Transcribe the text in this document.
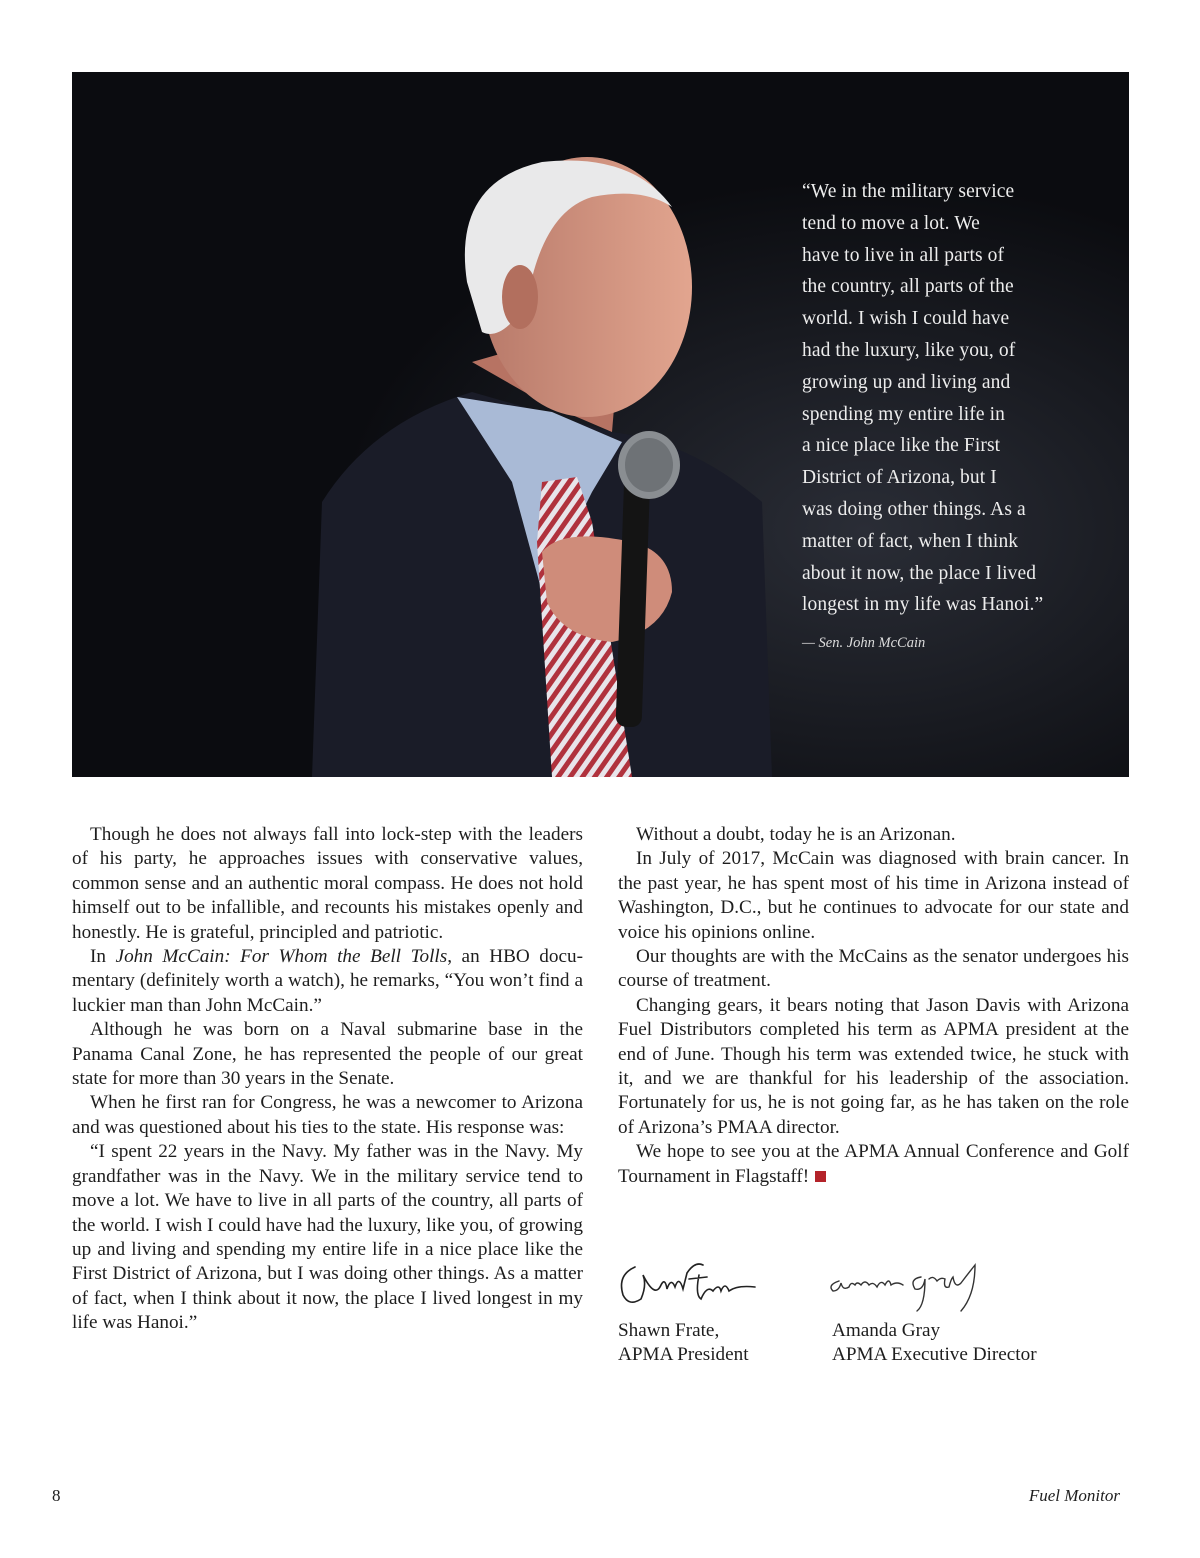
“We in the military service
tend to move a lot. We
have to live in all parts of
the country, all parts of the
world. I wish I could have
had the luxury, like you, of
growing up and living and
spending my entire life in
a nice place like the First
District of Arizona, but I
was doing other things. As a
matter of fact, when I think
about it now, the place I lived
longest in my life was Hanoi.”
— Sen. John McCain

Though he does not always fall into lock-step with the leaders of his party, he approaches issues with conservative values, common sense and an authentic moral compass. He does not hold himself out to be infallible, and recounts his mistakes openly and honestly. He is grateful, principled and patriotic.

In John McCain: For Whom the Bell Tolls, an HBO documentary (definitely worth a watch), he remarks, “You won’t find a luckier man than John McCain.”

Although he was born on a Naval submarine base in the Panama Canal Zone, he has represented the people of our great state for more than 30 years in the Senate.

When he first ran for Congress, he was a newcomer to Arizona and was questioned about his ties to the state. His response was:

“I spent 22 years in the Navy. My father was in the Navy. My grandfather was in the Navy. We in the military service tend to move a lot. We have to live in all parts of the country, all parts of the world. I wish I could have had the luxury, like you, of growing up and living and spending my entire life in a nice place like the First District of Arizona, but I was doing other things. As a matter of fact, when I think about it now, the place I lived longest in my life was Hanoi.”

Without a doubt, today he is an Arizonan.

In July of 2017, McCain was diagnosed with brain cancer. In the past year, he has spent most of his time in Arizona instead of Washington, D.C., but he continues to advocate for our state and voice his opinions online.

Our thoughts are with the McCains as the senator undergoes his course of treatment.

Changing gears, it bears noting that Jason Davis with Arizona Fuel Distributors completed his term as APMA president at the end of June. Though his term was extended twice, he stuck with it, and we are thankful for his leadership of the association. Fortunately for us, he is not going far, as he has taken on the role of Arizona’s PMAA director.

We hope to see you at the APMA Annual Conference and Golf Tournament in Flagstaff!

Shawn Frate,
APMA President
Amanda Gray
APMA Executive Director
8	Fuel Monitor
